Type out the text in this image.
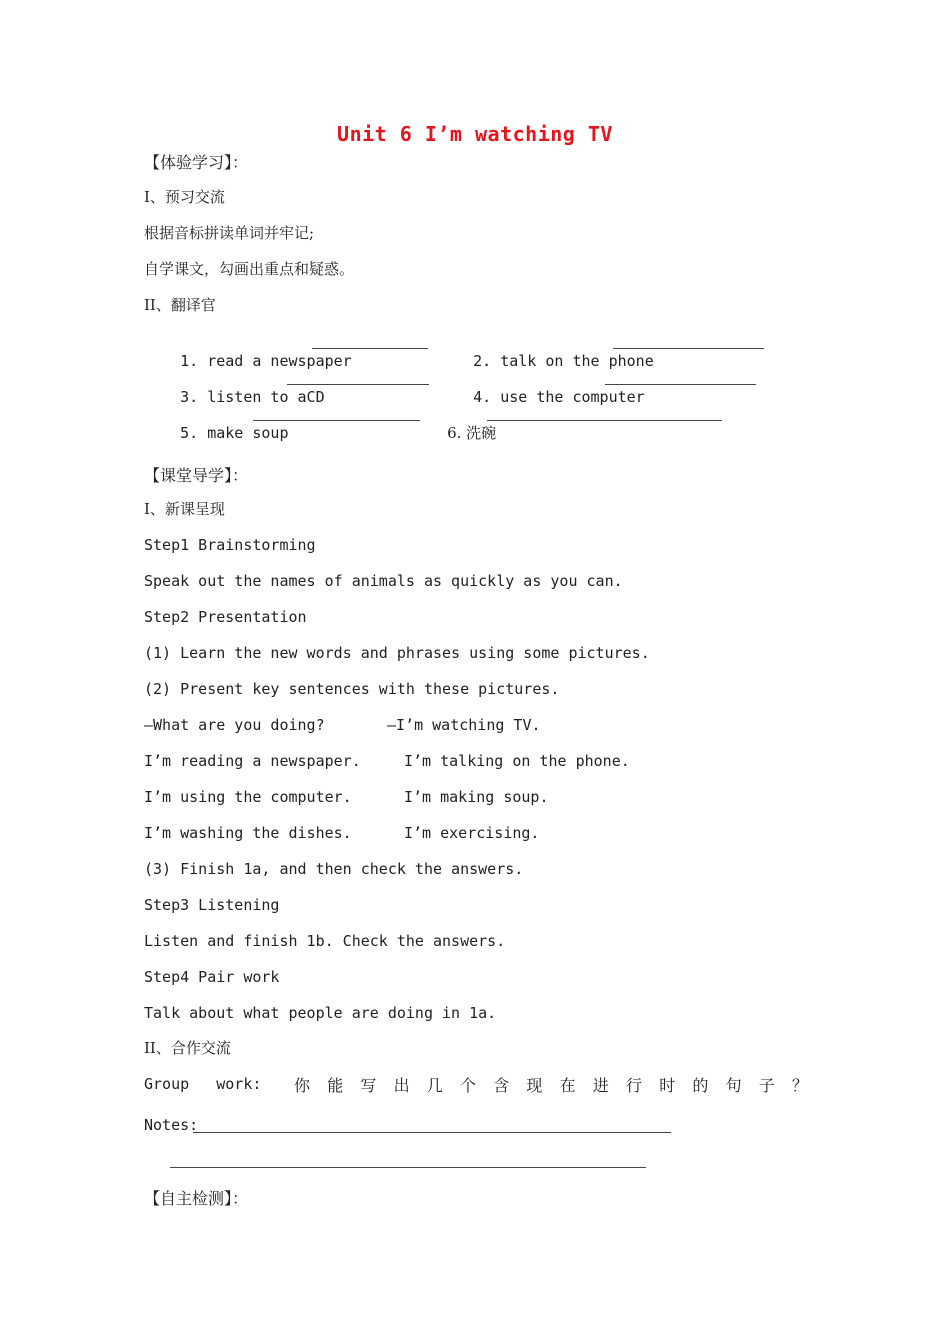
Unit 6 I’m watching TV
【体验学习】：
I、预习交流
根据音标拼读单词并牢记;
自学课文，勾画出重点和疑惑。
II、翻译官

1. read a newspaper
	2. talk on the phone

3. listen to aCD
	4. use the computer

5. make soup
	6. 洗碗

【课堂导学】：
I、新课呈现
Step1 Brainstorming
Speak out the names of animals as quickly as you can.
Step2 Presentation
(1) Learn the new words and phrases using some pictures.
(2) Present key sentences with these pictures.
—What are you doing?	—I’m watching TV.
I’m reading a newspaper.	I’m talking on the phone.
I’m using the computer.	I’m making soup.
I’m washing the dishes.	I’m exercising.
(3) Finish 1a, and then check the answers.
Step3 Listening
Listen and finish 1b. Check the answers.
Step4 Pair work
Talk about what people are doing in 1a.
II、合作交流
Group   work: 你 能 写 出 几 个 含 现 在 进 行 时 的 句 子 ？
Notes:
【自主检测】：
